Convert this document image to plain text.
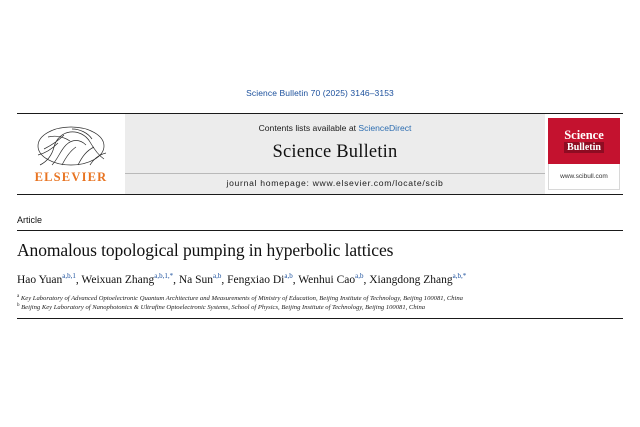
Science Bulletin 70 (2025) 3146–3153
ELSEVIER
Contents lists available at ScienceDirect
Science Bulletin
journal homepage: www.elsevier.com/locate/scib
Science
Bulletin
www.scibull.com
Article
Anomalous topological pumping in hyperbolic lattices
Hao Yuan$^{a,b,1}$, Weixuan Zhang$^{a,b,1,*}$, Na Sun$^{a,b}$, Fengxiao Di$^{a,b}$, Wenhui Cao$^{a,b}$, Xiangdong Zhang$^{a,b,*}$
$^a$ Key Laboratory of Advanced Optoelectronic Quantum Architecture and Measurements of Ministry of Education, Beijing Institute of Technology, Beijing 100081, China
$^b$ Beijing Key Laboratory of Nanophotonics & Ultrafine Optoelectronic Systems, School of Physics, Beijing Institute of Technology, Beijing 100081, China
